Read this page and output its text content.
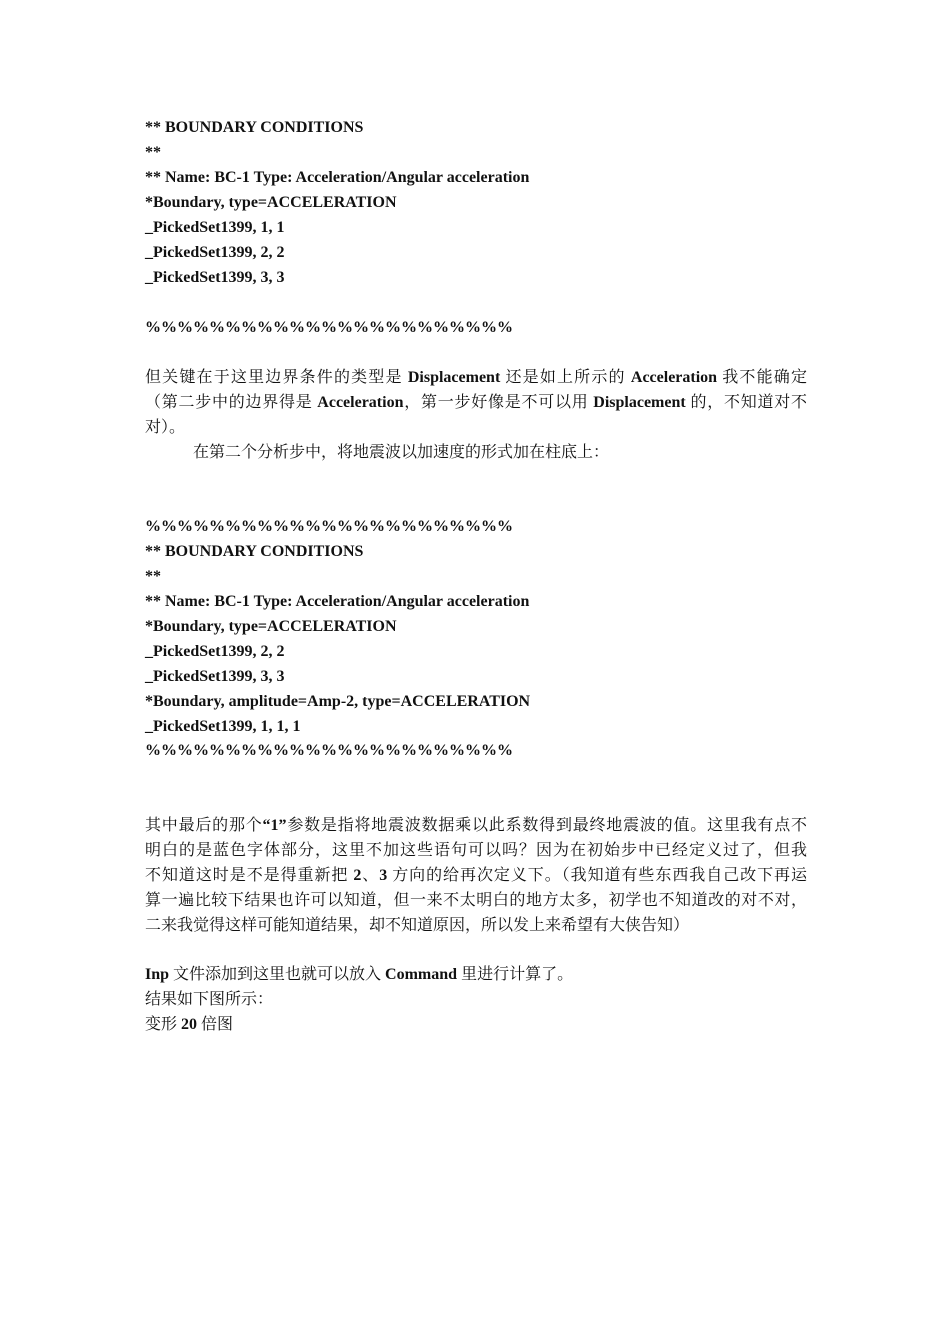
** BOUNDARY CONDITIONS
**
** Name: BC-1 Type: Acceleration/Angular acceleration
*Boundary, type=ACCELERATION
_PickedSet1399, 1, 1
_PickedSet1399, 2, 2
_PickedSet1399, 3, 3
%%%%%%%%%%%%%%%%%%%%%%%
但关键在于这里边界条件的类型是 Displacement 还是如上所示的 Acceleration 我不能确定
（第二步中的边界得是 Acceleration，第一步好像是不可以用 Displacement 的，不知道对不
对）。
在第二个分析步中，将地震波以加速度的形式加在柱底上：
%%%%%%%%%%%%%%%%%%%%%%%
** BOUNDARY CONDITIONS
**
** Name: BC-1 Type: Acceleration/Angular acceleration
*Boundary, type=ACCELERATION
_PickedSet1399, 2, 2
_PickedSet1399, 3, 3
*Boundary, amplitude=Amp-2, type=ACCELERATION
_PickedSet1399, 1, 1, 1
%%%%%%%%%%%%%%%%%%%%%%%
其中最后的那个“1”参数是指将地震波数据乘以此系数得到最终地震波的值。这里我有点不
明白的是蓝色字体部分，这里不加这些语句可以吗？因为在初始步中已经定义过了，但我
不知道这时是不是得重新把 2、3 方向的给再次定义下。（我知道有些东西我自己改下再运
算一遍比较下结果也许可以知道，但一来不太明白的地方太多，初学也不知道改的对不对，
二来我觉得这样可能知道结果，却不知道原因，所以发上来希望有大侠告知）
Inp 文件添加到这里也就可以放入 Command 里进行计算了。
结果如下图所示：
变形 20 倍图
